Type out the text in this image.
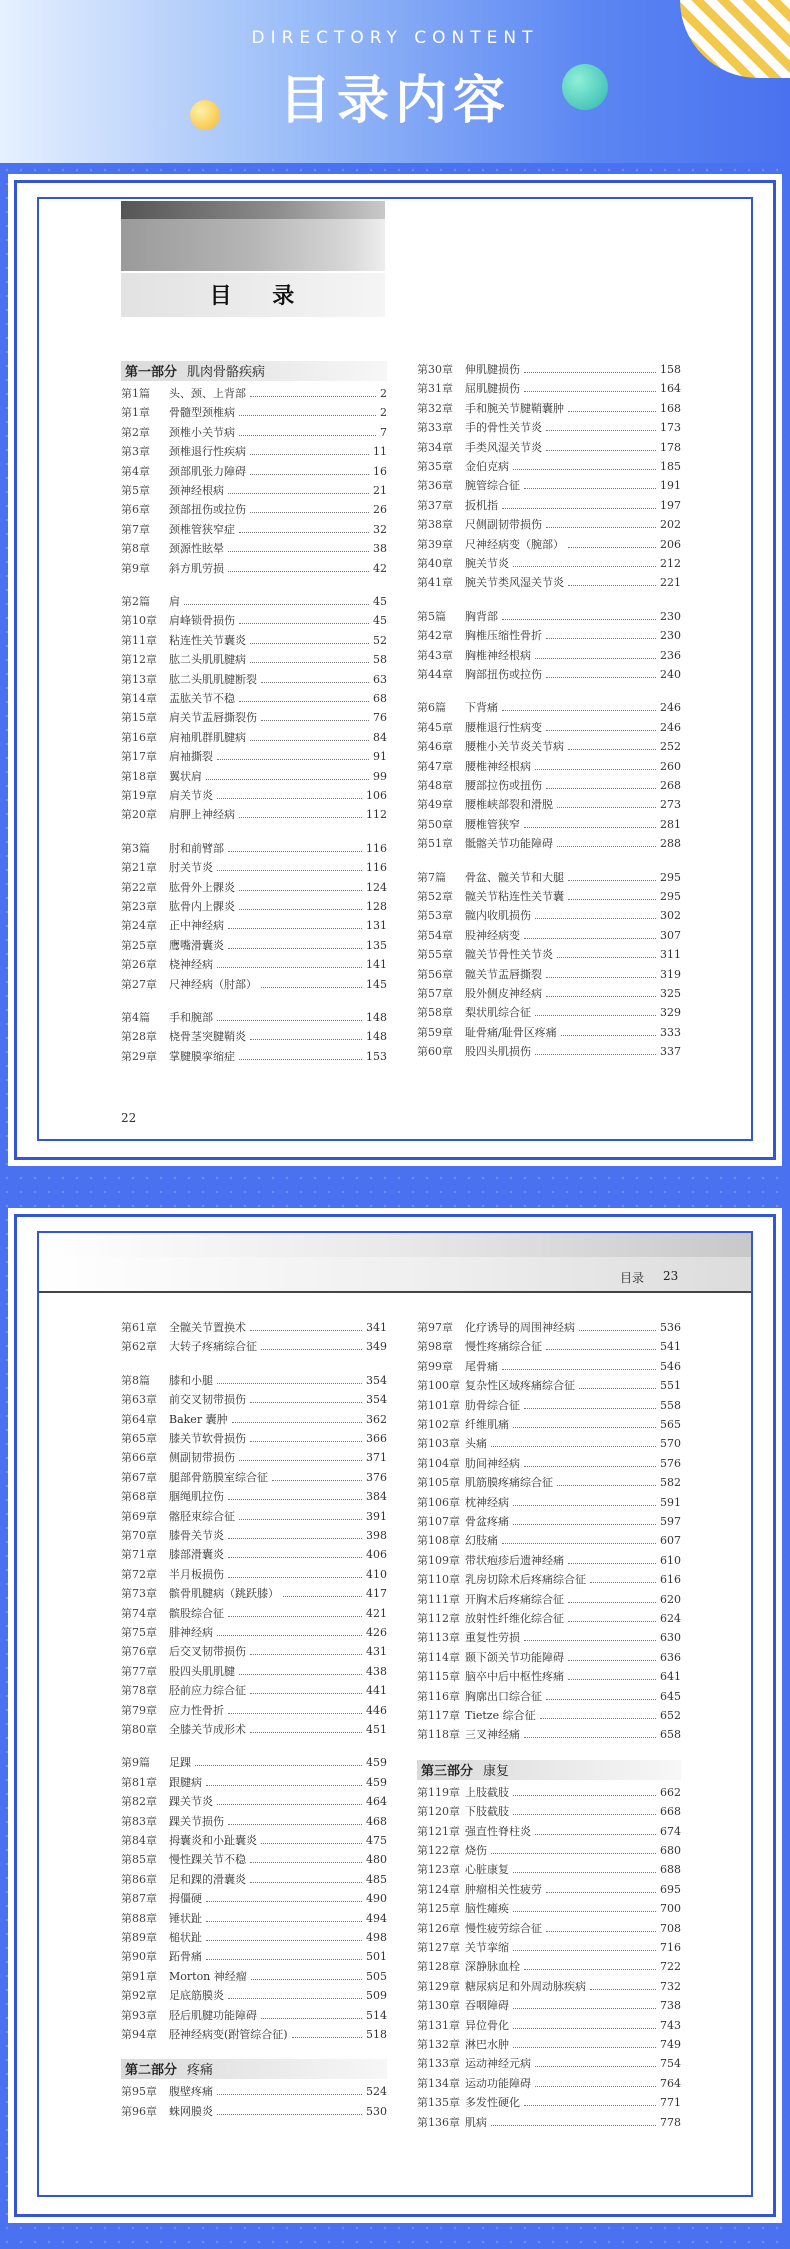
DIRECTORY CONTENT
目录内容
目    录
22
第一部分 肌肉骨骼疾病
第1篇	头、颈、上背部	2
第1章	骨髓型颈椎病	2
第2章	颈椎小关节病	7
第3章	颈椎退行性疾病	11
第4章	颈部肌张力障碍	16
第5章	颈神经根病	21
第6章	颈部扭伤或拉伤	26
第7章	颈椎管狭窄症	32
第8章	颈源性眩晕	38
第9章	斜方肌劳损	42
第2篇	肩	45
第10章	肩峰锁骨损伤	45
第11章	粘连性关节囊炎	52
第12章	肱二头肌肌腱病	58
第13章	肱二头肌肌腱断裂	63
第14章	盂肱关节不稳	68
第15章	肩关节盂唇撕裂伤	76
第16章	肩袖肌群肌腱病	84
第17章	肩袖撕裂	91
第18章	翼状肩	99
第19章	肩关节炎	106
第20章	肩胛上神经病	112
第3篇	肘和前臂部	116
第21章	肘关节炎	116
第22章	肱骨外上髁炎	124
第23章	肱骨内上髁炎	128
第24章	正中神经病	131
第25章	鹰嘴滑囊炎	135
第26章	桡神经病	141
第27章	尺神经病（肘部）	145
第4篇	手和腕部	148
第28章	桡骨茎突腱鞘炎	148
第29章	掌腱膜挛缩症	153
第30章	伸肌腱损伤	158
第31章	屈肌腱损伤	164
第32章	手和腕关节腱鞘囊肿	168
第33章	手的骨性关节炎	173
第34章	手类风湿关节炎	178
第35章	金伯克病	185
第36章	腕管综合征	191
第37章	扳机指	197
第38章	尺侧副韧带损伤	202
第39章	尺神经病变（腕部）	206
第40章	腕关节炎	212
第41章	腕关节类风湿关节炎	221
第5篇	胸背部	230
第42章	胸椎压缩性骨折	230
第43章	胸椎神经根病	236
第44章	胸部扭伤或拉伤	240
第6篇	下背痛	246
第45章	腰椎退行性病变	246
第46章	腰椎小关节炎关节病	252
第47章	腰椎神经根病	260
第48章	腰部拉伤或扭伤	268
第49章	腰椎峡部裂和滑脱	273
第50章	腰椎管狭窄	281
第51章	骶髂关节功能障碍	288
第7篇	骨盆、髋关节和大腿	295
第52章	髋关节粘连性关节囊	295
第53章	髋内收肌损伤	302
第54章	股神经病变	307
第55章	髋关节骨性关节炎	311
第56章	髋关节盂唇撕裂	319
第57章	股外侧皮神经病	325
第58章	梨状肌综合征	329
第59章	耻骨痛/耻骨区疼痛	333
第60章	股四头肌损伤	337
目录 23
第61章	全髋关节置换术	341
第62章	大转子疼痛综合征	349
第8篇	膝和小腿	354
第63章	前交叉韧带损伤	354
第64章	Baker 囊肿	362
第65章	膝关节软骨损伤	366
第66章	侧副韧带损伤	371
第67章	腿部骨筋膜室综合征	376
第68章	腘绳肌拉伤	384
第69章	髂胫束综合征	391
第70章	膝骨关节炎	398
第71章	膝部滑囊炎	406
第72章	半月板损伤	410
第73章	髌骨肌腱病（跳跃膝）	417
第74章	髌股综合征	421
第75章	腓神经病	426
第76章	后交叉韧带损伤	431
第77章	股四头肌肌腱	438
第78章	胫前应力综合征	441
第79章	应力性骨折	446
第80章	全膝关节成形术	451
第9篇	足踝	459
第81章	跟腱病	459
第82章	踝关节炎	464
第83章	踝关节损伤	468
第84章	拇囊炎和小趾囊炎	475
第85章	慢性踝关节不稳	480
第86章	足和踝的滑囊炎	485
第87章	拇僵硬	490
第88章	锤状趾	494
第89章	槌状趾	498
第90章	跖骨痛	501
第91章	Morton 神经瘤	505
第92章	足底筋膜炎	509
第93章	胫后肌腱功能障碍	514
第94章	胫神经病变(跗管综合征)	518
第二部分 疼痛
第95章	腹壁疼痛	524
第96章	蛛网膜炎	530
第97章	化疗诱导的周围神经病	536
第98章	慢性疼痛综合征	541
第99章	尾骨痛	546
第100章 复杂性区域疼痛综合征	551
第101章 肋骨综合征	558
第102章 纤维肌痛	565
第103章 头痛	570
第104章 肋间神经病	576
第105章 肌筋膜疼痛综合征	582
第106章 枕神经病	591
第107章 骨盆疼痛	597
第108章 幻肢痛	607
第109章 带状疱疹后遗神经痛	610
第110章 乳房切除术后疼痛综合征	616
第111章 开胸术后疼痛综合征	620
第112章 放射性纤维化综合征	624
第113章 重复性劳损	630
第114章 颞下颌关节功能障碍	636
第115章 脑卒中后中枢性疼痛	641
第116章 胸廓出口综合征	645
第117章 Tietze 综合征	652
第118章 三叉神经痛	658
第三部分 康复
第119章 上肢截肢	662
第120章 下肢截肢	668
第121章 强直性脊柱炎	674
第122章 烧伤	680
第123章 心脏康复	688
第124章 肿瘤相关性疲劳	695
第125章 脑性瘫痪	700
第126章 慢性疲劳综合征	708
第127章 关节挛缩	716
第128章 深静脉血栓	722
第129章 糖尿病足和外周动脉疾病	732
第130章 吞咽障碍	738
第131章 异位骨化	743
第132章 淋巴水肿	749
第133章 运动神经元病	754
第134章 运动功能障碍	764
第135章 多发性硬化	771
第136章 肌病	778
